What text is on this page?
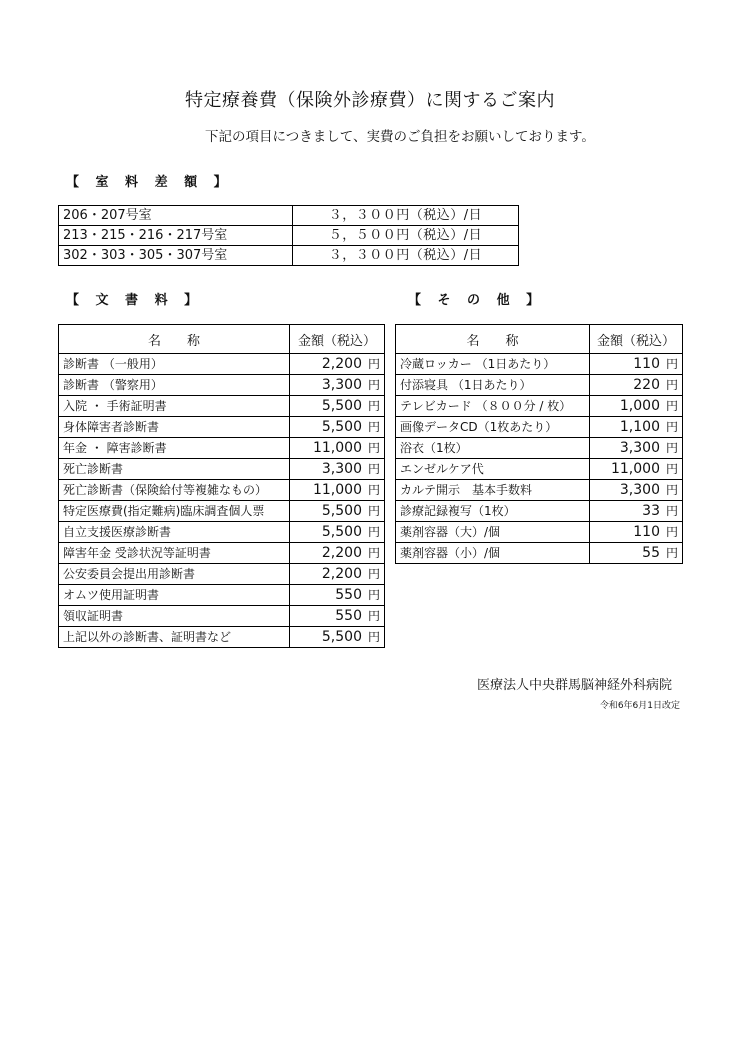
特定療養費（保険外診療費）に関するご案内
下記の項目につきまして、実費のご負担をお願いしております。
【 室 料 差 額 】
206・207号室	３，３００円（税込）/日
213・215・216・217号室	５，５００円（税込）/日
302・303・305・307号室	３，３００円（税込）/日
【 文 書 料 】
名　　称	金額（税込）
診断書 （一般用）	2,200 円
診断書 （警察用）	3,300 円
入院 ・ 手術証明書	5,500 円
身体障害者診断書	5,500 円
年金 ・ 障害診断書	11,000 円
死亡診断書	3,300 円
死亡診断書（保険給付等複雑なもの）	11,000 円
特定医療費(指定難病)臨床調査個人票	5,500 円
自立支援医療診断書	5,500 円
障害年金 受診状況等証明書	2,200 円
公安委員会提出用診断書	2,200 円
オムツ使用証明書	550 円
領収証明書	550 円
上記以外の診断書、証明書など	5,500 円
【 そ の 他 】
名　　称	金額（税込）
冷蔵ロッカー （1日あたり）	110 円
付添寝具 （1日あたり）	220 円
テレビカード （８００分 / 枚）	1,000 円
画像データCD（1枚あたり）	1,100 円
浴衣（1枚）	3,300 円
エンゼルケア代	11,000 円
カルテ開示　基本手数料	3,300 円
診療記録複写（1枚）	33 円
薬剤容器（大）/個	110 円
薬剤容器（小）/個	55 円
医療法人中央群馬脳神経外科病院
令和6年6月1日改定
